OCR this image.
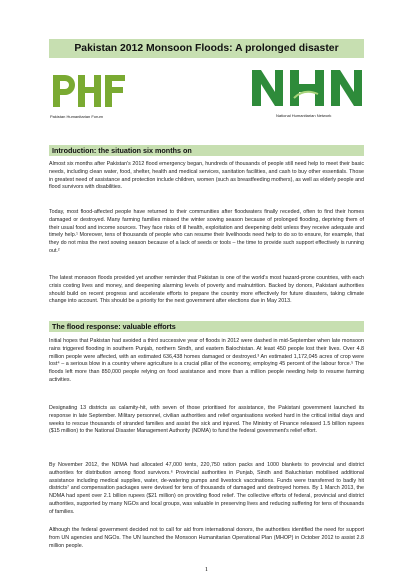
Pakistan 2012 Monsoon Floods: A prolonged disaster
Pakistan Humanitarian Forum	National Humanitarian Network
Introduction: the situation six months on

Almost six months after Pakistan's 2012 flood emergency began, hundreds of thousands of people still need help to meet their basic needs, including clean water, food, shelter, health and medical services, sanitation facilities, and cash to buy other essentials. Those in greatest need of assistance and protection include children, women (such as breastfeeding mothers), as well as elderly people and flood survivors with disabilities.

Today, most flood-affected people have returned to their communities after floodwaters finally receded, often to find their homes damaged or destroyed. Many farming families missed the winter sowing season because of prolonged flooding, depriving them of their usual food and income sources. They face risks of ill health, exploitation and deepening debt unless they receive adequate and timely help.¹ Moreover, tens of thousands of people who can resume their livelihoods need help to do so to ensure, for example, that they do not miss the next sowing season because of a lack of seeds or tools – the time to provide such support effectively is running out.²

The latest monsoon floods provided yet another reminder that Pakistan is one of the world's most hazard-prone countries, with each crisis costing lives and money, and deepening alarming levels of poverty and malnutrition. Backed by donors, Pakistani authorities should build on recent progress and accelerate efforts to prepare the country more effectively for future disasters, taking climate change into account. This should be a priority for the next government after elections due in May 2013.

The flood response: valuable efforts

Initial hopes that Pakistan had avoided a third successive year of floods in 2012 were dashed in mid-September when late monsoon rains triggered flooding in southern Punjab, northern Sindh, and eastern Balochistan. At least 450 people lost their lives. Over 4.8 million people were affected, with an estimated 636,438 homes damaged or destroyed.³ An estimated 1,172,045 acres of crop were lost⁴ – a serious blow in a country where agriculture is a crucial pillar of the economy, employing 45 percent of the labour force.⁵ The floods left more than 850,000 people relying on food assistance and more than a million people needing help to resume farming activities.

Designating 13 districts as calamity-hit, with seven of those prioritised for assistance, the Pakistani government launched its response in late September. Military personnel, civilian authorities and relief organisations worked hard in the critical initial days and weeks to rescue thousands of stranded families and assist the sick and injured. The Ministry of Finance released 1.5 billion rupees ($15 million) to the National Disaster Management Authority (NDMA) to fund the federal government's relief effort.

By November 2012, the NDMA had allocated 47,000 tents, 220,750 ration packs and 1000 blankets to provincial and district authorities for distribution among flood survivors.⁶ Provincial authorities in Punjab, Sindh and Baluchistan mobilised additional assistance including medical supplies, water, de-watering pumps and livestock vaccinations. Funds were transferred to badly hit districts⁷ and compensation packages were devised for tens of thousands of damaged and destroyed homes. By 1 March 2013, the NDMA had spent over 2.1 billion rupees ($21 million) on providing flood relief. The collective efforts of federal, provincial and district authorities, supported by many NGOs and local groups, was valuable in preserving lives and reducing suffering for tens of thousands of families.

Although the federal government decided not to call for aid from international donors, the authorities identified the need for support from UN agencies and NGOs. The UN launched the Monsoon Humanitarian Operational Plan (MHOP) in October 2012 to assist 2.8 million people.

1
